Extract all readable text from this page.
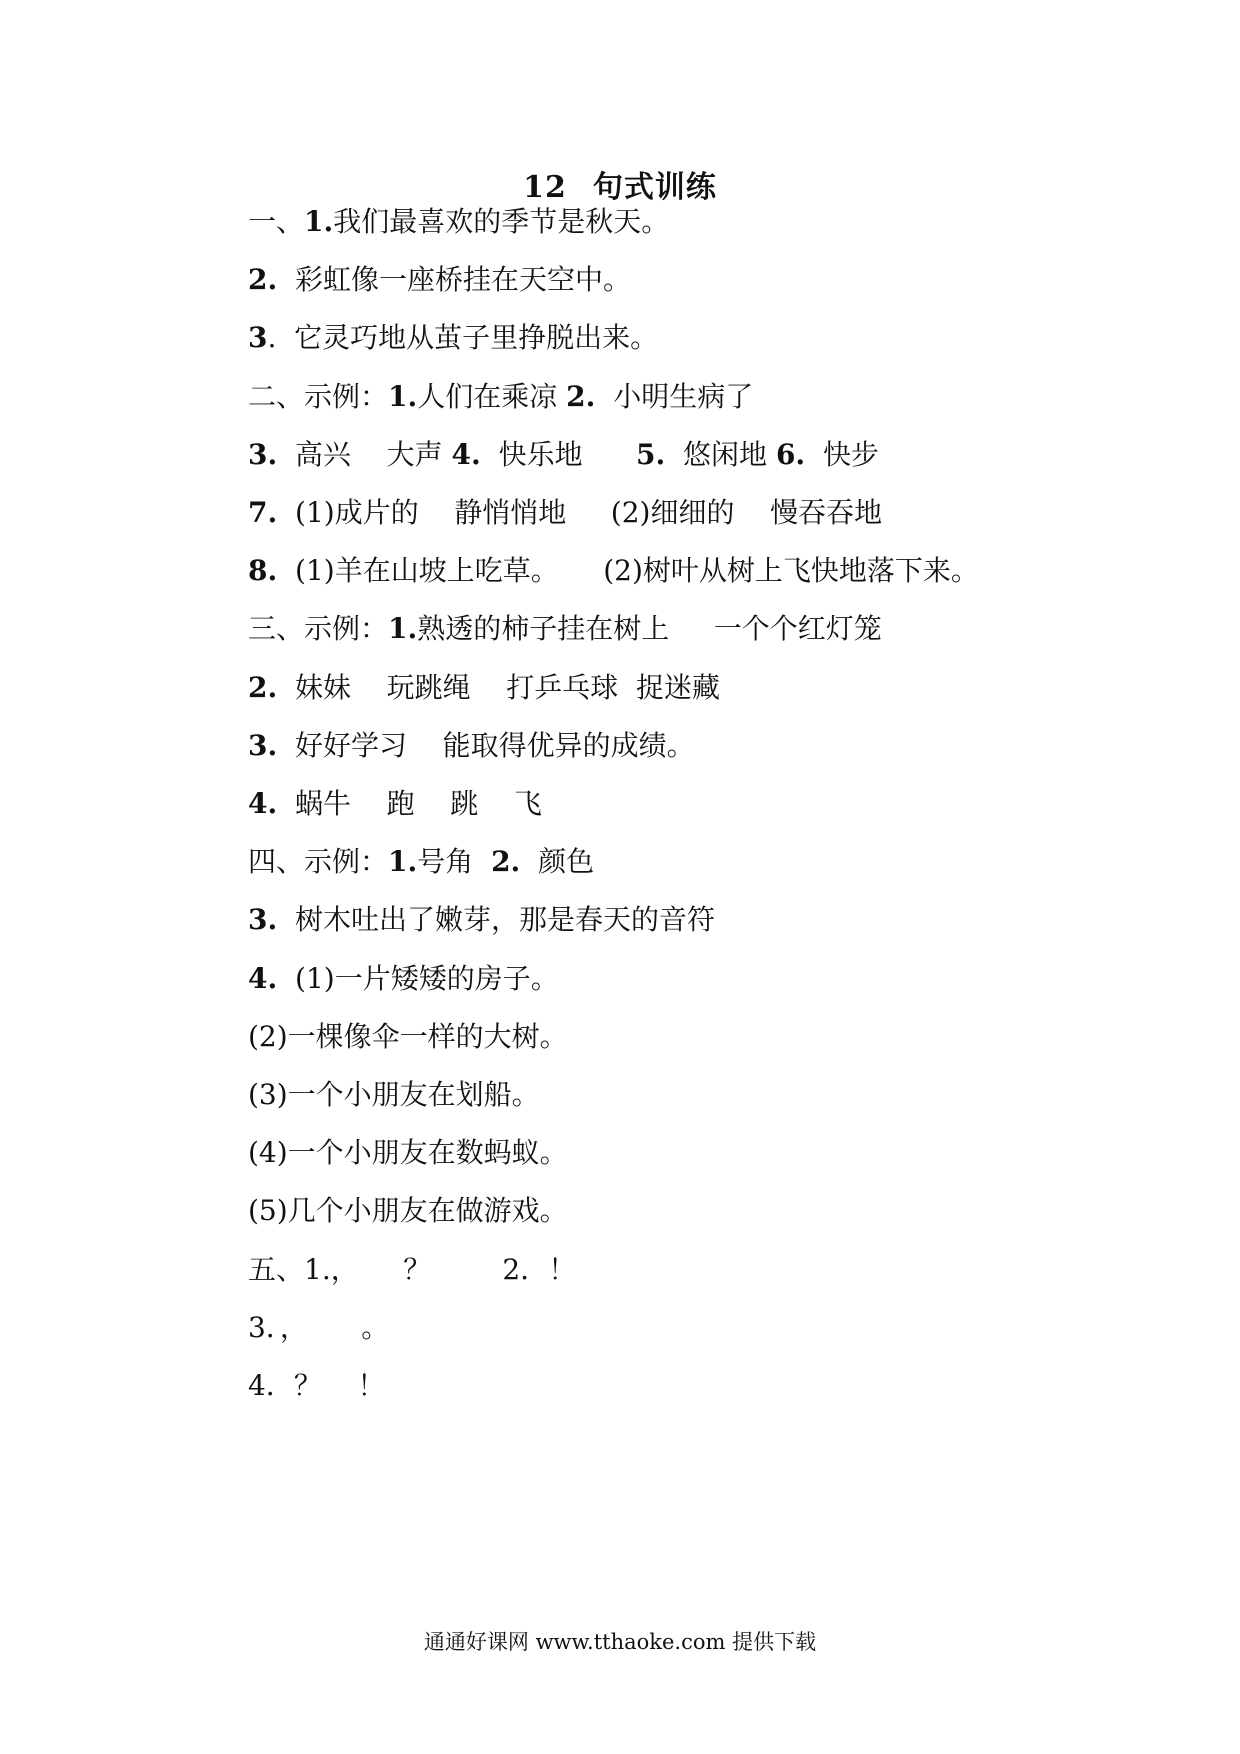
12 句式训练
一、1.我们最喜欢的季节是秋天。
2.  彩虹像一座桥挂在天空中。
3.  它灵巧地从茧子里挣脱出来。
二、示例：1.人们在乘凉 2.  小明生病了
3.  高兴    大声 4.  快乐地      5.  悠闲地 6.  快步
7.  (1)成片的    静悄悄地     (2)细细的    慢吞吞地
8.  (1)羊在山坡上吃草。     (2)树叶从树上飞快地落下来。
三、示例：1.熟透的柿子挂在树上     一个个红灯笼
2.  妹妹    玩跳绳    打乒乓球  捉迷藏
3.  好好学习    能取得优异的成绩。
4.  蜗牛    跑    跳    飞
四、示例：1.号角  2.  颜色
3.  树木吐出了嫩芽，那是春天的音符
4.  (1)一片矮矮的房子。
(2)一棵像伞一样的大树。
(3)一个小朋友在划船。
(4)一个小朋友在数蚂蚁。
(5)几个小朋友在做游戏。
五、1.，     ？        2．！
3．，      。
4．？    ！
通通好课网 www.tthaoke.com 提供下载
